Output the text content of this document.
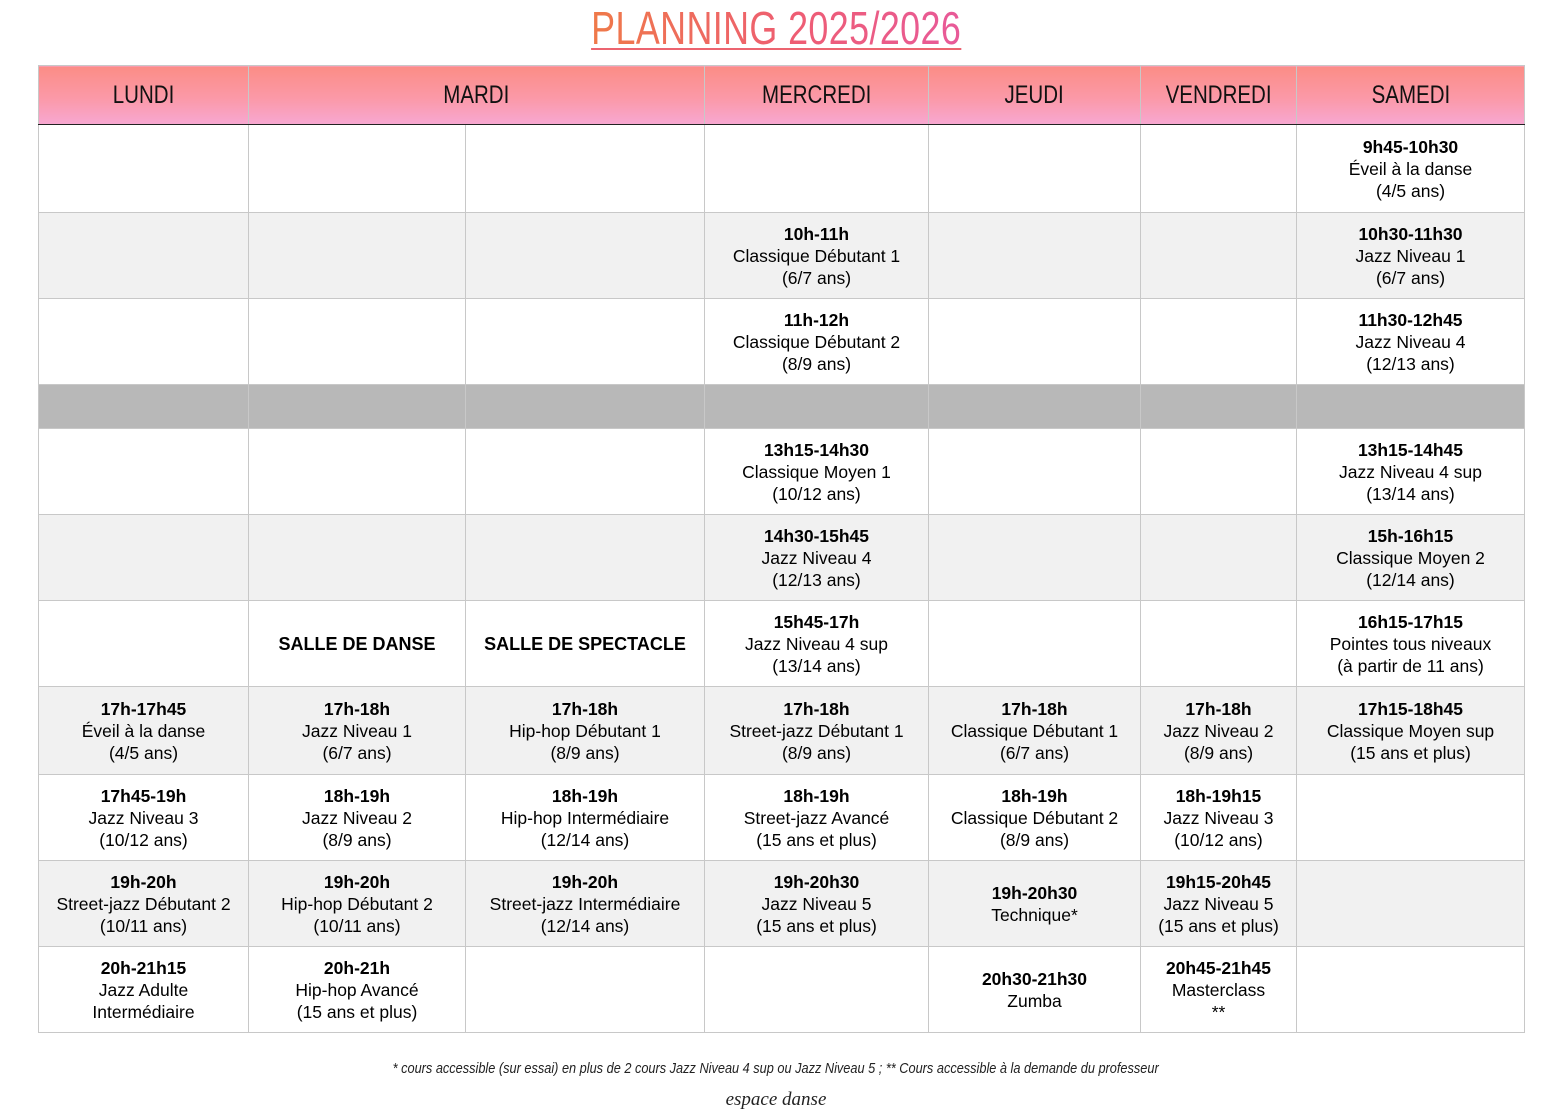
PLANNING 2025/2026
LUNDI	MARDI		MERCREDI	JEUDI	VENDREDI	SAMEDI

						9h45-10h30
Éveil à la danse
(4/5 ans)

			10h-11h
Classique Débutant 1
(6/7 ans)			10h30-11h30
Jazz Niveau 1
(6/7 ans)

			11h-12h
Classique Débutant 2
(8/9 ans)			11h30-12h45
Jazz Niveau 4
(12/13 ans)

			13h15-14h30
Classique Moyen 1
(10/12 ans)			13h15-14h45
Jazz Niveau 4 sup
(13/14 ans)

			14h30-15h45
Jazz Niveau 4
(12/13 ans)			15h-16h15
Classique Moyen 2
(12/14 ans)

	SALLE DE DANSE	SALLE DE SPECTACLE	15h45-17h
Jazz Niveau 4 sup
(13/14 ans)			16h15-17h15
Pointes tous niveaux
(à partir de 11 ans)

17h-17h45
Éveil à la danse
(4/5 ans)	17h-18h
Jazz Niveau 1
(6/7 ans)	17h-18h
Hip-hop Débutant 1
(8/9 ans)	17h-18h
Street-jazz Débutant 1
(8/9 ans)	17h-18h
Classique Débutant 1
(6/7 ans)	17h-18h
Jazz Niveau 2
(8/9 ans)	17h15-18h45
Classique Moyen sup
(15 ans et plus)

17h45-19h
Jazz Niveau 3
(10/12 ans)	18h-19h
Jazz Niveau 2
(8/9 ans)	18h-19h
Hip-hop Intermédiaire
(12/14 ans)	18h-19h
Street-jazz Avancé
(15 ans et plus)	18h-19h
Classique Débutant 2
(8/9 ans)	18h-19h15
Jazz Niveau 3
(10/12 ans)	

19h-20h
Street-jazz Débutant 2
(10/11 ans)	19h-20h
Hip-hop Débutant 2
(10/11 ans)	19h-20h
Street-jazz Intermédiaire
(12/14 ans)	19h-20h30
Jazz Niveau 5
(15 ans et plus)	19h-20h30
Technique*	19h15-20h45
Jazz Niveau 5
(15 ans et plus)	

20h-21h15
Jazz Adulte
Intermédiaire	20h-21h
Hip-hop Avancé
(15 ans et plus)			20h30-21h30
Zumba	20h45-21h45
Masterclass
**	

* cours accessible (sur essai) en plus de 2 cours Jazz Niveau 4 sup ou Jazz Niveau 5 ; ** Cours accessible à la demande du professeur
espace danse
